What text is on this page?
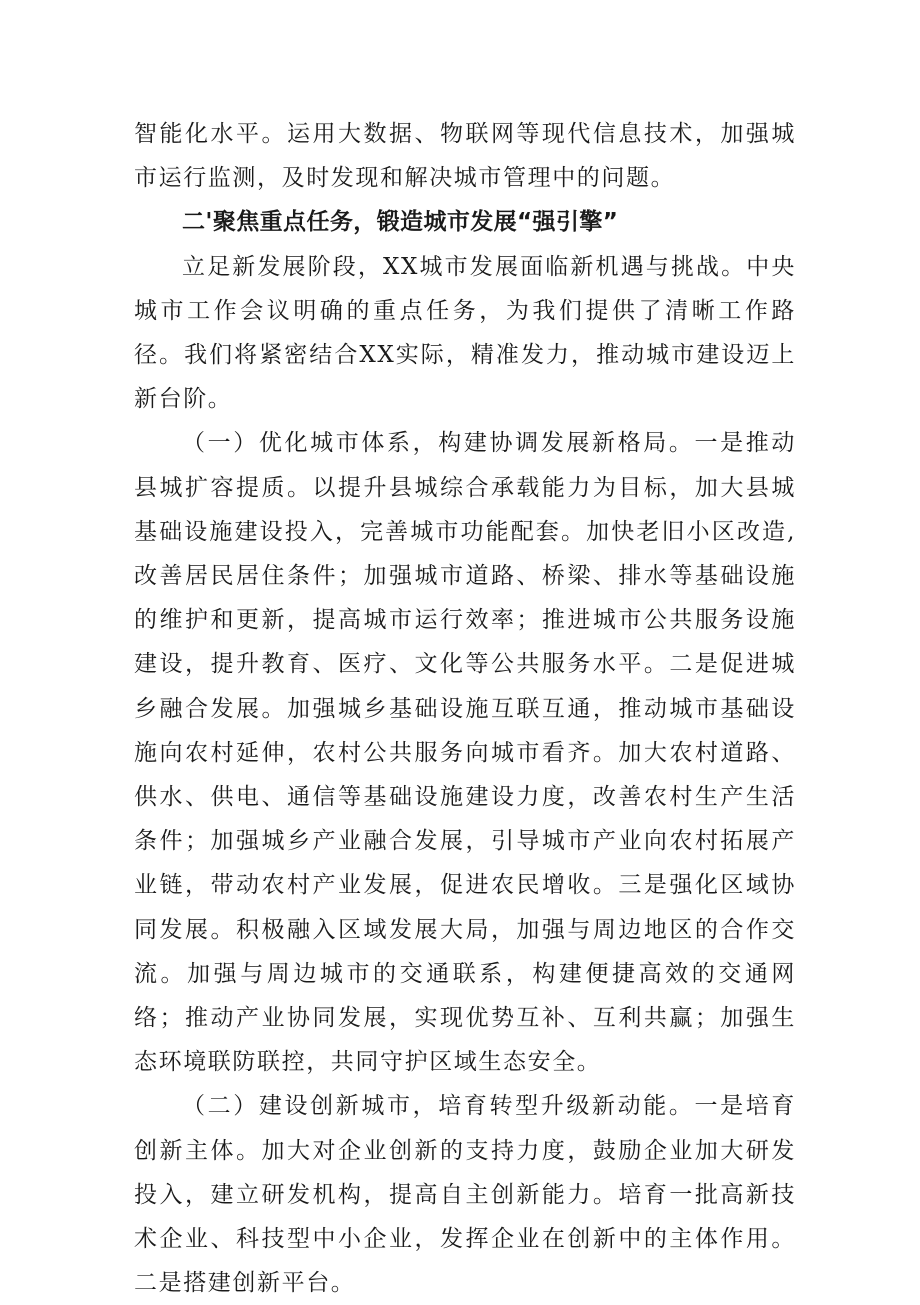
智能化水平。运用大数据、物联网等现代信息技术，加强城市运行监测，及时发现和解决城市管理中的问题。

二'聚焦重点任务，锻造城市发展“强引擎”

立足新发展阶段，XX城市发展面临新机遇与挑战。中央城市工作会议明确的重点任务，为我们提供了清晰工作路径。我们将紧密结合XX实际，精准发力，推动城市建设迈上新台阶。

（一）优化城市体系，构建协调发展新格局。一是推动县城扩容提质。以提升县城综合承载能力为目标，加大县城基础设施建设投入，完善城市功能配套。加快老旧小区改造,改善居民居住条件；加强城市道路、桥梁、排水等基础设施的维护和更新，提高城市运行效率；推进城市公共服务设施建设，提升教育、医疗、文化等公共服务水平。二是促进城乡融合发展。加强城乡基础设施互联互通，推动城市基础设施向农村延伸，农村公共服务向城市看齐。加大农村道路、供水、供电、通信等基础设施建设力度，改善农村生产生活条件；加强城乡产业融合发展，引导城市产业向农村拓展产业链，带动农村产业发展，促进农民增收。三是强化区域协同发展。积极融入区域发展大局，加强与周边地区的合作交流。加强与周边城市的交通联系，构建便捷高效的交通网络；推动产业协同发展，实现优势互补、互利共赢；加强生态环境联防联控，共同守护区域生态安全。

（二）建设创新城市，培育转型升级新动能。一是培育创新主体。加大对企业创新的支持力度，鼓励企业加大研发投入，建立研发机构，提高自主创新能力。培育一批高新技术企业、科技型中小企业，发挥企业在创新中的主体作用。二是搭建创新平台。
